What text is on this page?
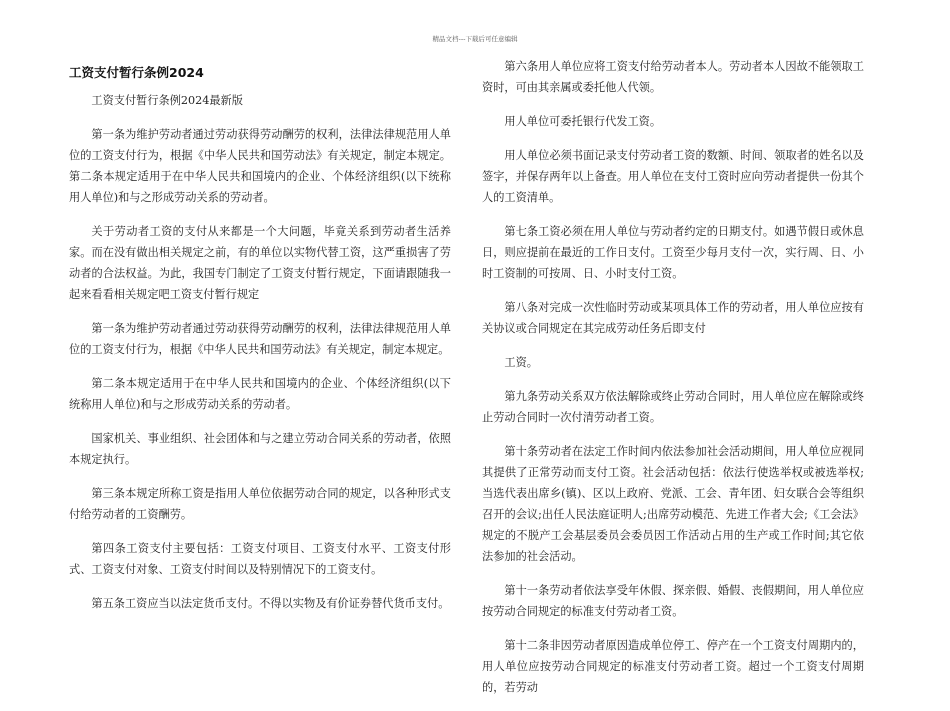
精品文档---下载后可任意编辑
工资支付暂行条例2024

工资支付暂行条例2024最新版

第一条为维护劳动者通过劳动获得劳动酬劳的权利，法律法律规范用人单位的工资支付行为，根据《中华人民共和国劳动法》有关规定，制定本规定。第二条本规定适用于在中华人民共和国境内的企业、个体经济组织(以下统称用人单位)和与之形成劳动关系的劳动者。

关于劳动者工资的支付从来都是一个大问题，毕竟关系到劳动者生活养家。而在没有做出相关规定之前，有的单位以实物代替工资，这严重损害了劳动者的合法权益。为此，我国专门制定了工资支付暂行规定，下面请跟随我一起来看看相关规定吧工资支付暂行规定

第一条为维护劳动者通过劳动获得劳动酬劳的权利，法律法律规范用人单位的工资支付行为，根据《中华人民共和国劳动法》有关规定，制定本规定。

第二条本规定适用于在中华人民共和国境内的企业、个体经济组织(以下统称用人单位)和与之形成劳动关系的劳动者。

国家机关、事业组织、社会团体和与之建立劳动合同关系的劳动者，依照本规定执行。

第三条本规定所称工资是指用人单位依据劳动合同的规定，以各种形式支付给劳动者的工资酬劳。

第四条工资支付主要包括：工资支付项目、工资支付水平、工资支付形式、工资支付对象、工资支付时间以及特别情况下的工资支付。

第五条工资应当以法定货币支付。不得以实物及有价证券替代货币支付。

第六条用人单位应将工资支付给劳动者本人。劳动者本人因故不能领取工资时，可由其亲属或委托他人代领。

用人单位可委托银行代发工资。

用人单位必须书面记录支付劳动者工资的数额、时间、领取者的姓名以及签字，并保存两年以上备查。用人单位在支付工资时应向劳动者提供一份其个人的工资清单。

第七条工资必须在用人单位与劳动者约定的日期支付。如遇节假日或休息日，则应提前在最近的工作日支付。工资至少每月支付一次，实行周、日、小时工资制的可按周、日、小时支付工资。

第八条对完成一次性临时劳动或某项具体工作的劳动者，用人单位应按有关协议或合同规定在其完成劳动任务后即支付

工资。

第九条劳动关系双方依法解除或终止劳动合同时，用人单位应在解除或终止劳动合同时一次付清劳动者工资。

第十条劳动者在法定工作时间内依法参加社会活动期间，用人单位应视同其提供了正常劳动而支付工资。社会活动包括：依法行使选举权或被选举权;当选代表出席乡(镇)、区以上政府、党派、工会、青年团、妇女联合会等组织召开的会议;出任人民法庭证明人;出席劳动模范、先进工作者大会;《工会法》规定的不脱产工会基层委员会委员因工作活动占用的生产或工作时间;其它依法参加的社会活动。

第十一条劳动者依法享受年休假、探亲假、婚假、丧假期间，用人单位应按劳动合同规定的标准支付劳动者工资。

第十二条非因劳动者原因造成单位停工、停产在一个工资支付周期内的，用人单位应按劳动合同规定的标准支付劳动者工资。超过一个工资支付周期的，若劳动
